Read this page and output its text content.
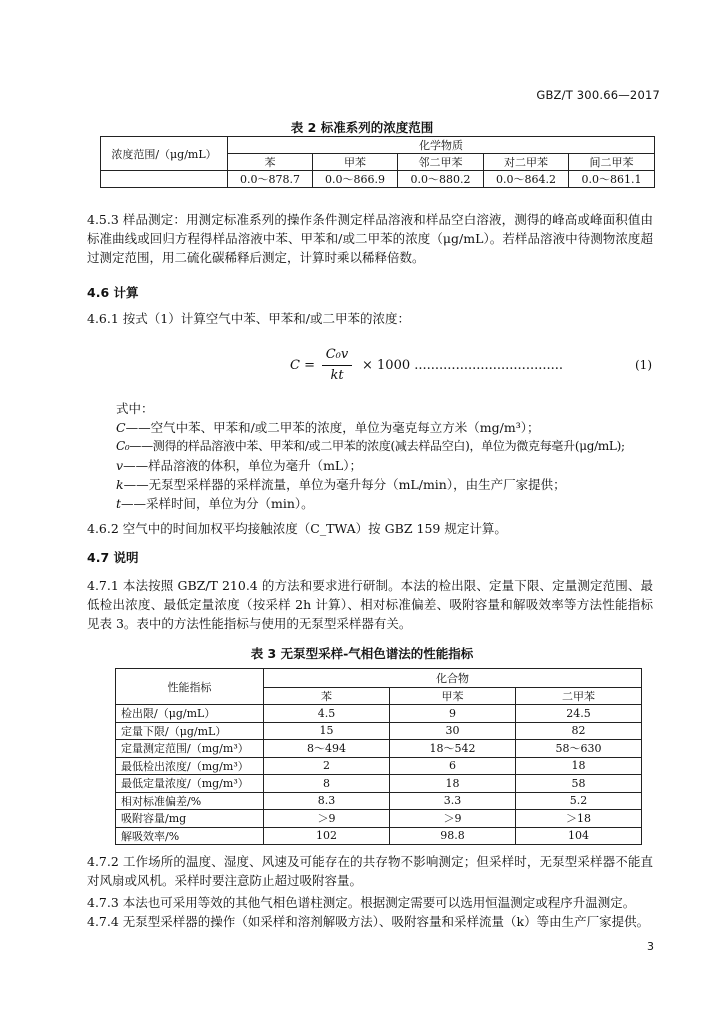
GBZ/T 300.66—2017
表 2 标准系列的浓度范围
浓度范围/（μg/mL）	化学物质				
	苯	甲苯	邻二甲苯	对二甲苯	间二甲苯
	0.0～878.7	0.0～866.9	0.0～880.2	0.0～864.2	0.0～861.1

4.5.3 样品测定：用测定标准系列的操作条件测定样品溶液和样品空白溶液，测得的峰高或峰面积值由标准曲线或回归方程得样品溶液中苯、甲苯和/或二甲苯的浓度（μg/mL）。若样品溶液中待测物浓度超过测定范围，用二硫化碳稀释后测定，计算时乘以稀释倍数。

4.6 计算

4.6.1 按式（1）计算空气中苯、甲苯和/或二甲苯的浓度：

C =
C₀v
kt
× 1000 ....................................	(1)
式中：
C——空气中苯、甲苯和/或二甲苯的浓度，单位为毫克每立方米（mg/m³）；
C₀——测得的样品溶液中苯、甲苯和/或二甲苯的浓度(减去样品空白)，单位为微克每毫升(μg/mL);
v——样品溶液的体积，单位为毫升（mL）；
k——无泵型采样器的采样流量，单位为毫升每分（mL/min），由生产厂家提供；
t——采样时间，单位为分（min）。

4.6.2 空气中的时间加权平均接触浓度（C_TWA）按 GBZ 159 规定计算。

4.7 说明

4.7.1 本法按照 GBZ/T 210.4 的方法和要求进行研制。本法的检出限、定量下限、定量测定范围、最低检出浓度、最低定量浓度（按采样 2h 计算）、相对标准偏差、吸附容量和解吸效率等方法性能指标见表 3。表中的方法性能指标与使用的无泵型采样器有关。

表 3 无泵型采样-气相色谱法的性能指标
性能指标	化合物		
	苯	甲苯	二甲苯
检出限/（μg/mL）	4.5	9	24.5
定量下限/（μg/mL）	15	30	82
定量测定范围/（mg/m³）	8～494	18～542	58～630
最低检出浓度/（mg/m³）	2	6	18
最低定量浓度/（mg/m³）	8	18	58
相对标准偏差/%	8.3	3.3	5.2
吸附容量/mg	＞9	＞9	＞18
解吸效率/%	102	98.8	104

4.7.2 工作场所的温度、湿度、风速及可能存在的共存物不影响测定；但采样时，无泵型采样器不能直对风扇或风机。采样时要注意防止超过吸附容量。

4.7.3 本法也可采用等效的其他气相色谱柱测定。根据测定需要可以选用恒温测定或程序升温测定。

4.7.4 无泵型采样器的操作（如采样和溶剂解吸方法）、吸附容量和采样流量（k）等由生产厂家提供。

3
